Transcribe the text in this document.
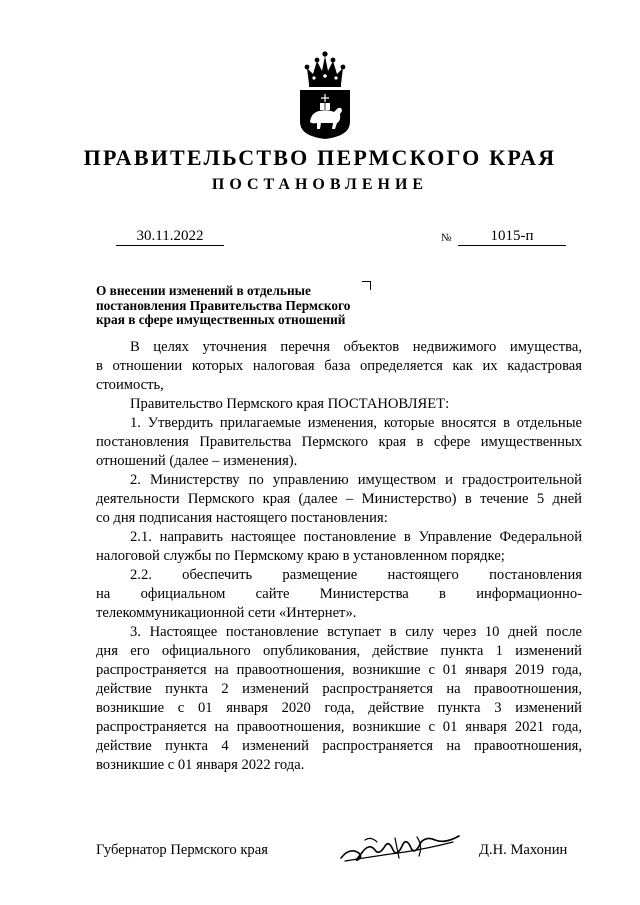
ПРАВИТЕЛЬСТВО ПЕРМСКОГО КРАЯ
ПОСТАНОВЛЕНИЕ
30.11.2022	№	1015-п
О внесении изменений в отдельные
постановления Правительства Пермского
края в сфере имущественных отношений
В целях уточнения перечня объектов недвижимого имущества,
в отношении которых налоговая база определяется как их кадастровая
стоимость,
Правительство Пермского края ПОСТАНОВЛЯЕТ:
1. Утвердить прилагаемые изменения, которые вносятся в отдельные
постановления Правительства Пермского края в сфере имущественных
отношений (далее – изменения).
2. Министерству по управлению имуществом и градостроительной
деятельности Пермского края (далее – Министерство) в течение 5 дней
со дня подписания настоящего постановления:
2.1. направить настоящее постановление в Управление Федеральной
налоговой службы по Пермскому краю в установленном порядке;
2.2. обеспечить размещение настоящего постановления
на официальном сайте Министерства в информационно-
телекоммуникационной сети «Интернет».
3. Настоящее постановление вступает в силу через 10 дней после
дня его официального опубликования, действие пункта 1 изменений
распространяется на правоотношения, возникшие с 01 января 2019 года,
действие пункта 2 изменений распространяется на правоотношения,
возникшие с 01 января 2020 года, действие пункта 3 изменений
распространяется на правоотношения, возникшие с 01 января 2021 года,
действие пункта 4 изменений распространяется на правоотношения,
возникшие с 01 января 2022 года.
Губернатор Пермского края	Д.Н. Махонин
